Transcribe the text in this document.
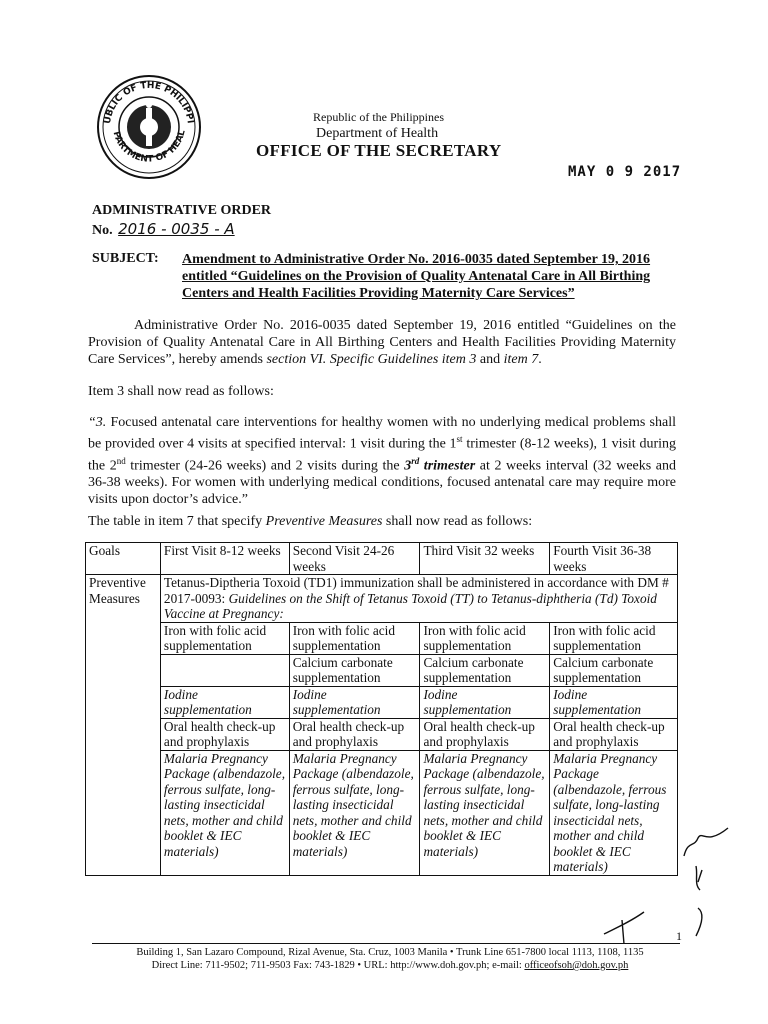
UBLIC OF THE PHILIPPI
PARTMENT OF HEAL
Republic of the Philippines
Department of Health
OFFICE OF THE SECRETARY
MAY 0 9 2017
ADMINISTRATIVE ORDER
No. 2016 - 0035 - A
SUBJECT: Amendment to Administrative Order No. 2016-0035 dated September 19, 2016 entitled “Guidelines on the Provision of Quality Antenatal Care in All Birthing Centers and Health Facilities Providing Maternity Care Services”
Administrative Order No. 2016-0035 dated September 19, 2016 entitled “Guidelines on the Provision of Quality Antenatal Care in All Birthing Centers and Health Facilities Providing Maternity Care Services”, hereby amends section VI. Specific Guidelines item 3 and item 7.
Item 3 shall now read as follows:
“3. Focused antenatal care interventions for healthy women with no underlying medical problems shall be provided over 4 visits at specified interval: 1 visit during the 1st trimester (8-12 weeks), 1 visit during the 2nd trimester (24-26 weeks) and 2 visits during the 3rd trimester at 2 weeks interval (32 weeks and 36-38 weeks). For women with underlying medical conditions, focused antenatal care may require more visits upon doctor’s advice.”
The table in item 7 that specify Preventive Measures shall now read as follows:
Goals	First Visit 8-12 weeks	Second Visit 24-26 weeks	Third Visit 32 weeks	Fourth Visit 36-38 weeks
Preventive Measures	Tetanus-Diptheria Toxoid (TD1) immunization shall be administered in accordance with DM # 2017-0093: Guidelines on the Shift of Tetanus Toxoid (TT) to Tetanus-diphtheria (Td) Toxoid Vaccine at Pregnancy:			
	Iron with folic acid supplementation	Iron with folic acid supplementation	Iron with folic acid supplementation	Iron with folic acid supplementation
		Calcium carbonate supplementation	Calcium carbonate supplementation	Calcium carbonate supplementation
	Iodine supplementation	Iodine supplementation	Iodine supplementation	Iodine supplementation
	Oral health check-up and prophylaxis	Oral health check-up and prophylaxis	Oral health check-up and prophylaxis	Oral health check-up and prophylaxis
	Malaria Pregnancy Package (albendazole, ferrous sulfate, long-lasting insecticidal nets, mother and child booklet & IEC materials)	Malaria Pregnancy Package (albendazole, ferrous sulfate, long-lasting insecticidal nets, mother and child booklet & IEC materials)	Malaria Pregnancy Package (albendazole, ferrous sulfate, long-lasting insecticidal nets, mother and child booklet & IEC materials)	Malaria Pregnancy Package (albendazole, ferrous sulfate, long-lasting insecticidal nets, mother and child booklet & IEC materials)
1
Building 1, San Lazaro Compound, Rizal Avenue, Sta. Cruz, 1003 Manila • Trunk Line 651-7800 local 1113, 1108, 1135
Direct Line: 711-9502; 711-9503 Fax: 743-1829 • URL: http://www.doh.gov.ph; e-mail: officeofsoh@doh.gov.ph
